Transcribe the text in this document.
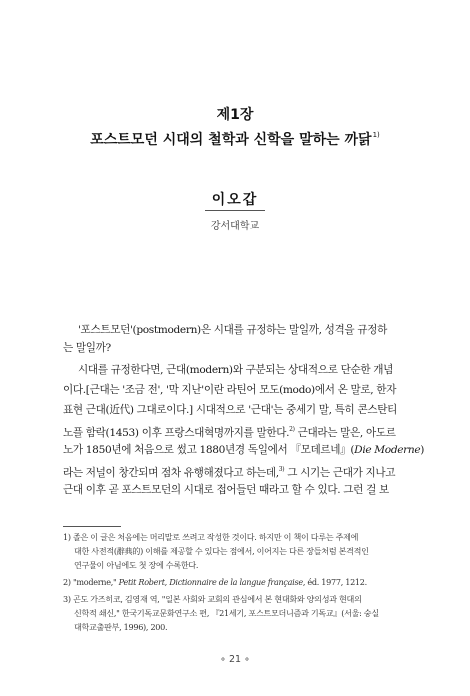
제1장
포스트모던 시대의 철학과 신학을 말하는 까닭$^{1)}$
이오갑
강서대학교
'포스트모던'(postmodern)은 시대를 규정하는 말일까, 성격을 규정하
는 말일까?
시대를 규정한다면, 근대(modern)와 구분되는 상대적으로 단순한 개념
이다.[근대는 '조금 전', '막 지난'이란 라틴어 모도(modo)에서 온 말로, 한자
표현 근대(近代) 그대로이다.] 시대적으로 '근대'는 중세기 말, 특히 콘스탄티
노플 함락(1453) 이후 프랑스대혁명까지를 말한다.$^{2)}$ 근대라는 말은, 아도르
노가 1850년에 처음으로 썼고 1880년경 독일에서 『모데르네』(Die Moderne)
라는 저널이 창간되며 점차 유행해졌다고 하는데,$^{3)}$ 그 시기는 근대가 지나고
근대 이후 곧 포스트모던의 시대로 접어들던 때라고 할 수 있다. 그런 걸 보
1) 졸은 이 글은 처음에는 머리말로 쓰려고 작성한 것이다. 하지만 이 책이 다루는 주제에
대한 사전적(辭典的) 이해를 제공할 수 있다는 점에서, 이어지는 다른 장들처럼 본격적인
연구물이 아님에도 첫 장에 수록한다.
2) "moderne," Petit Robert, Dictionnaire de la langue française, éd. 1977, 1212.
3) 곤도 가즈히코, 김영재 역, "일본 사회와 교회의 관심에서 본 현대화와 양의성과 현대의
신학적 쇄신," 한국기독교문화연구소 편, 『21세기, 포스트모더니즘과 기독교』(서울: 숭실
대학교출판부, 1996), 200.
∘ 21 ∘
